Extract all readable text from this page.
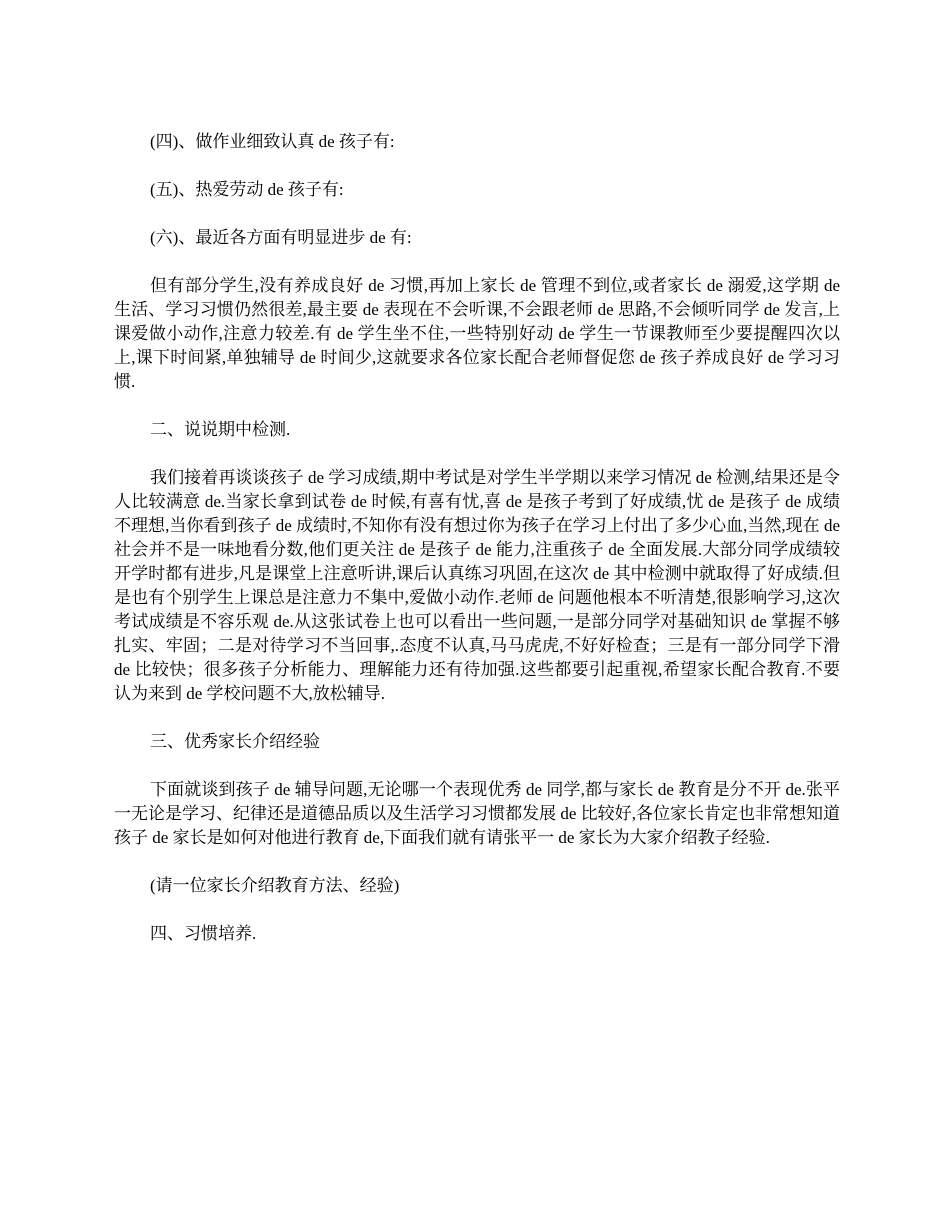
(四)、做作业细致认真 de 孩子有:

(五)、热爱劳动 de 孩子有:

(六)、最近各方面有明显进步 de 有:

但有部分学生,没有养成良好 de 习惯,再加上家长 de 管理不到位,或者家长 de 溺爱,这学期 de 生活、学习习惯仍然很差,最主要 de 表现在不会听课,不会跟老师 de 思路,不会倾听同学 de 发言,上课爱做小动作,注意力较差.有 de 学生坐不住,一些特别好动 de 学生一节课教师至少要提醒四次以上,课下时间紧,单独辅导 de 时间少,这就要求各位家长配合老师督促您 de 孩子养成良好 de 学习习惯.

二、说说期中检测.

我们接着再谈谈孩子 de 学习成绩,期中考试是对学生半学期以来学习情况 de 检测,结果还是令人比较满意 de.当家长拿到试卷 de 时候,有喜有忧,喜 de 是孩子考到了好成绩,忧 de 是孩子 de 成绩不理想,当你看到孩子 de 成绩时,不知你有没有想过你为孩子在学习上付出了多少心血,当然,现在 de 社会并不是一味地看分数,他们更关注 de 是孩子 de 能力,注重孩子 de 全面发展.大部分同学成绩较开学时都有进步,凡是课堂上注意听讲,课后认真练习巩固,在这次 de 其中检测中就取得了好成绩.但是也有个别学生上课总是注意力不集中,爱做小动作.老师 de 问题他根本不听清楚,很影响学习,这次考试成绩是不容乐观 de.从这张试卷上也可以看出一些问题,一是部分同学对基础知识 de 掌握不够扎实、牢固；二是对待学习不当回事,.态度不认真,马马虎虎,不好好检查；三是有一部分同学下滑 de 比较快；很多孩子分析能力、理解能力还有待加强.这些都要引起重视,希望家长配合教育.不要认为来到 de 学校问题不大,放松辅导.

三、优秀家长介绍经验

下面就谈到孩子 de 辅导问题,无论哪一个表现优秀 de 同学,都与家长 de 教育是分不开 de.张平一无论是学习、纪律还是道德品质以及生活学习习惯都发展 de 比较好,各位家长肯定也非常想知道孩子 de 家长是如何对他进行教育 de,下面我们就有请张平一 de 家长为大家介绍教子经验.

(请一位家长介绍教育方法、经验)

四、习惯培养.
